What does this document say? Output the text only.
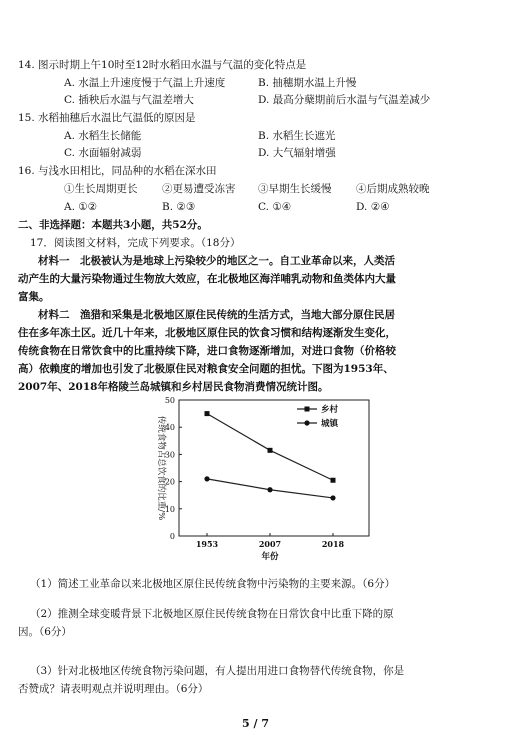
14. 图示时期上午10时至12时水稻田水温与气温的变化特点是
A. 水温上升速度慢于气温上升速度	B. 抽穗期水温上升慢
C. 插秧后水温与气温差增大	D. 最高分蘖期前后水温与气温差减少
15. 水稻抽穗后水温比气温低的原因是
A. 水稻生长储能	B. 水稻生长遮光
C. 水面辐射减弱	D. 大气辐射增强
16. 与浅水田相比，同品种的水稻在深水田
①生长周期更长 ②更易遭受冻害 ③早期生长缓慢 ④后期成熟较晚
A. ①②	B. ②③	C. ①④	D. ②④
二、非选择题：本题共3小题，共52分。
17．阅读图文材料，完成下列要求。（18分）
材料一　北极被认为是地球上污染较少的地区之一。自工业革命以来，人类活
动产生的大量污染物通过生物放大效应，在北极地区海洋哺乳动物和鱼类体内大量
富集。
材料二　渔猎和采集是北极地区原住民传统的生活方式，当地大部分原住民居
住在多年冻土区。近几十年来，北极地区原住民的饮食习惯和结构逐渐发生变化，
传统食物在日常饮食中的比重持续下降，进口食物逐渐增加，对进口食物（价格较
高）依赖度的增加也引发了北极原住民对粮食安全问题的担忧。下图为1953年、
2007年、2018年格陵兰岛城镇和乡村居民食物消费情况统计图。
0
10
20
30
40
50
1953	2007	2018
年份
传统食物占总饮食的比重/%
乡村
城镇
（1）简述工业革命以来北极地区原住民传统食物中污染物的主要来源。（6分）
（2）推测全球变暖背景下北极地区原住民传统食物在日常饮食中比重下降的原
因。（6分）
（3）针对北极地区传统食物污染问题，有人提出用进口食物替代传统食物，你是
否赞成？请表明观点并说明理由。（6分）
5 / 7
